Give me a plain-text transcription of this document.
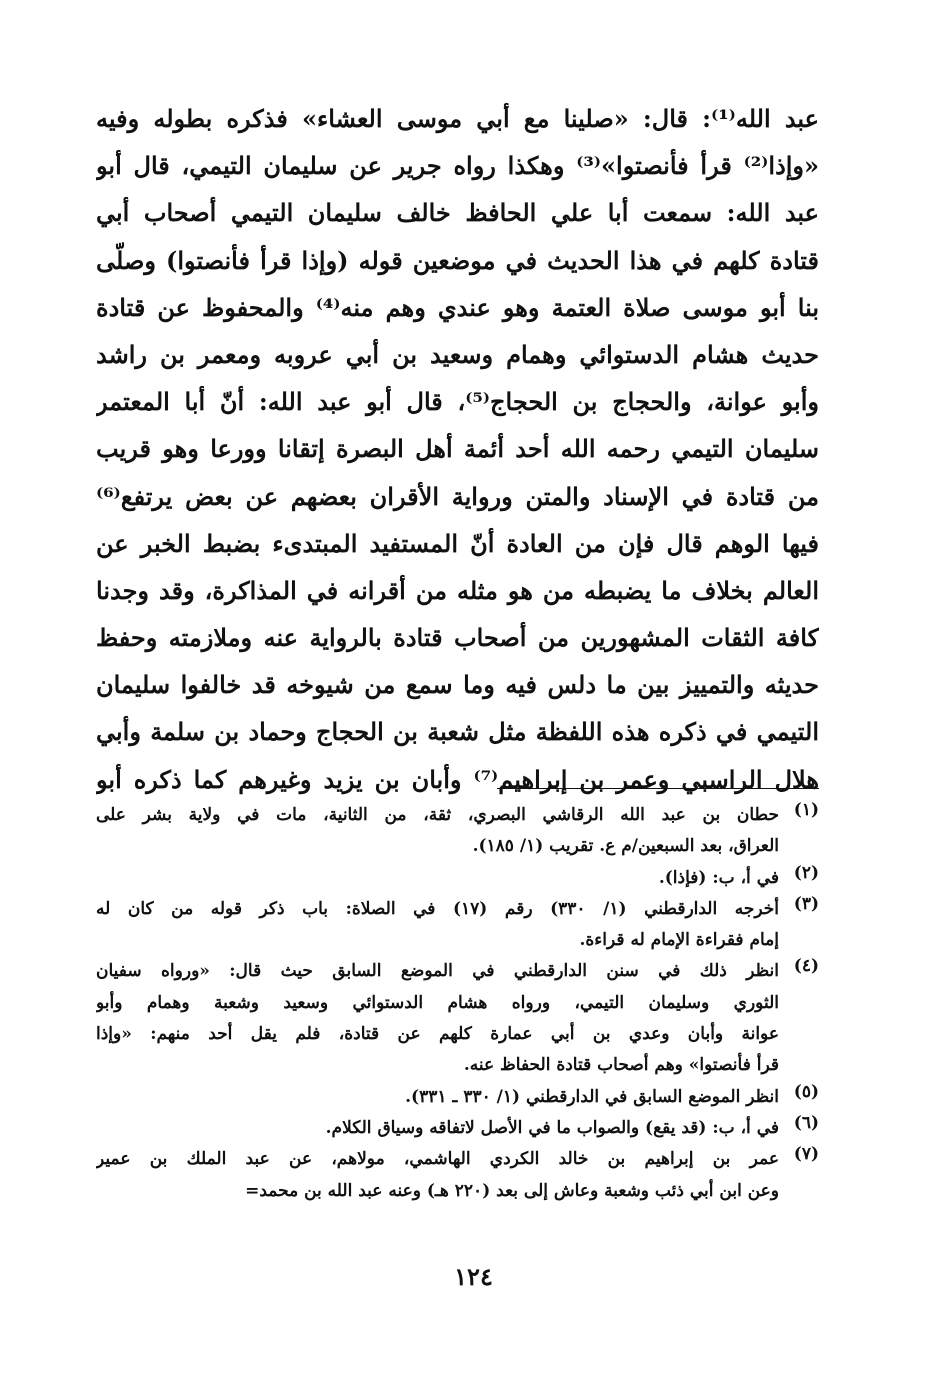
عبد الله⁽¹⁾: قال: «صلينا مع أبي موسى العشاء» فذكره بطوله وفيه
«وإذا⁽²⁾ قرأ فأنصتوا»⁽³⁾ وهكذا رواه جرير عن سليمان التيمي، قال أبو
عبد الله: سمعت أبا علي الحافظ خالف سليمان التيمي أصحاب أبي
قتادة كلهم في هذا الحديث في موضعين قوله (وإذا قرأ فأنصتوا) وصلّى
بنا أبو موسى صلاة العتمة وهو عندي وهم منه⁽⁴⁾ والمحفوظ عن قتادة
حديث هشام الدستوائي وهمام وسعيد بن أبي عروبه ومعمر بن راشد
وأبو عوانة، والحجاج بن الحجاج⁽⁵⁾، قال أبو عبد الله: أنّ أبا المعتمر
سليمان التيمي رحمه الله أحد أئمة أهل البصرة إتقانا وورعا وهو قريب
من قتادة في الإسناد والمتن ورواية الأقران بعضهم عن بعض يرتفع⁽⁶⁾
فيها الوهم قال فإن من العادة أنّ المستفيد المبتدىء بضبط الخبر عن
العالم بخلاف ما يضبطه من هو مثله من أقرانه في المذاكرة، وقد وجدنا
كافة الثقات المشهورين من أصحاب قتادة بالرواية عنه وملازمته وحفظ
حديثه والتمييز بين ما دلس فيه وما سمع من شيوخه قد خالفوا سليمان
التيمي في ذكره هذه اللفظة مثل شعبة بن الحجاج وحماد بن سلمة وأبي
هلال الراسبي وعمر بن إبراهيم⁽⁷⁾ وأبان بن يزيد وغيرهم كما ذكره أبو
(١)
حطان بن عبد الله الرقاشي البصري، ثقة، من الثانية، مات في ولاية بشر على
العراق، بعد السبعين/م ع. تقريب (١/ ١٨٥).
(٢)
في أ، ب: (فإذا).
(٣)
أخرجه الدارقطني (١/ ٣٣٠) رقم (١٧) في الصلاة: باب ذكر قوله من كان له
إمام فقراءة الإمام له قراءة.
(٤)
انظر ذلك في سنن الدارقطني في الموضع السابق حيث قال: «ورواه سفيان
الثوري وسليمان التيمي، ورواه هشام الدستوائي وسعيد وشعبة وهمام وأبو
عوانة وأبان وعدي بن أبي عمارة كلهم عن قتادة، فلم يقل أحد منهم: «وإذا
قرأ فأنصتوا» وهم أصحاب قتادة الحفاظ عنه.
(٥)
انظر الموضع السابق في الدارقطني (١/ ٣٣٠ ـ ٣٣١).
(٦)
في أ، ب: (قد يقع) والصواب ما في الأصل لاتفاقه وسياق الكلام.
(٧)
عمر بن إبراهيم بن خالد الكردي الهاشمي، مولاهم، عن عبد الملك بن عمير
وعن ابن أبي ذئب وشعبة وعاش إلى بعد (٢٢٠ هـ) وعنه عبد الله بن محمد=
١٢٤
